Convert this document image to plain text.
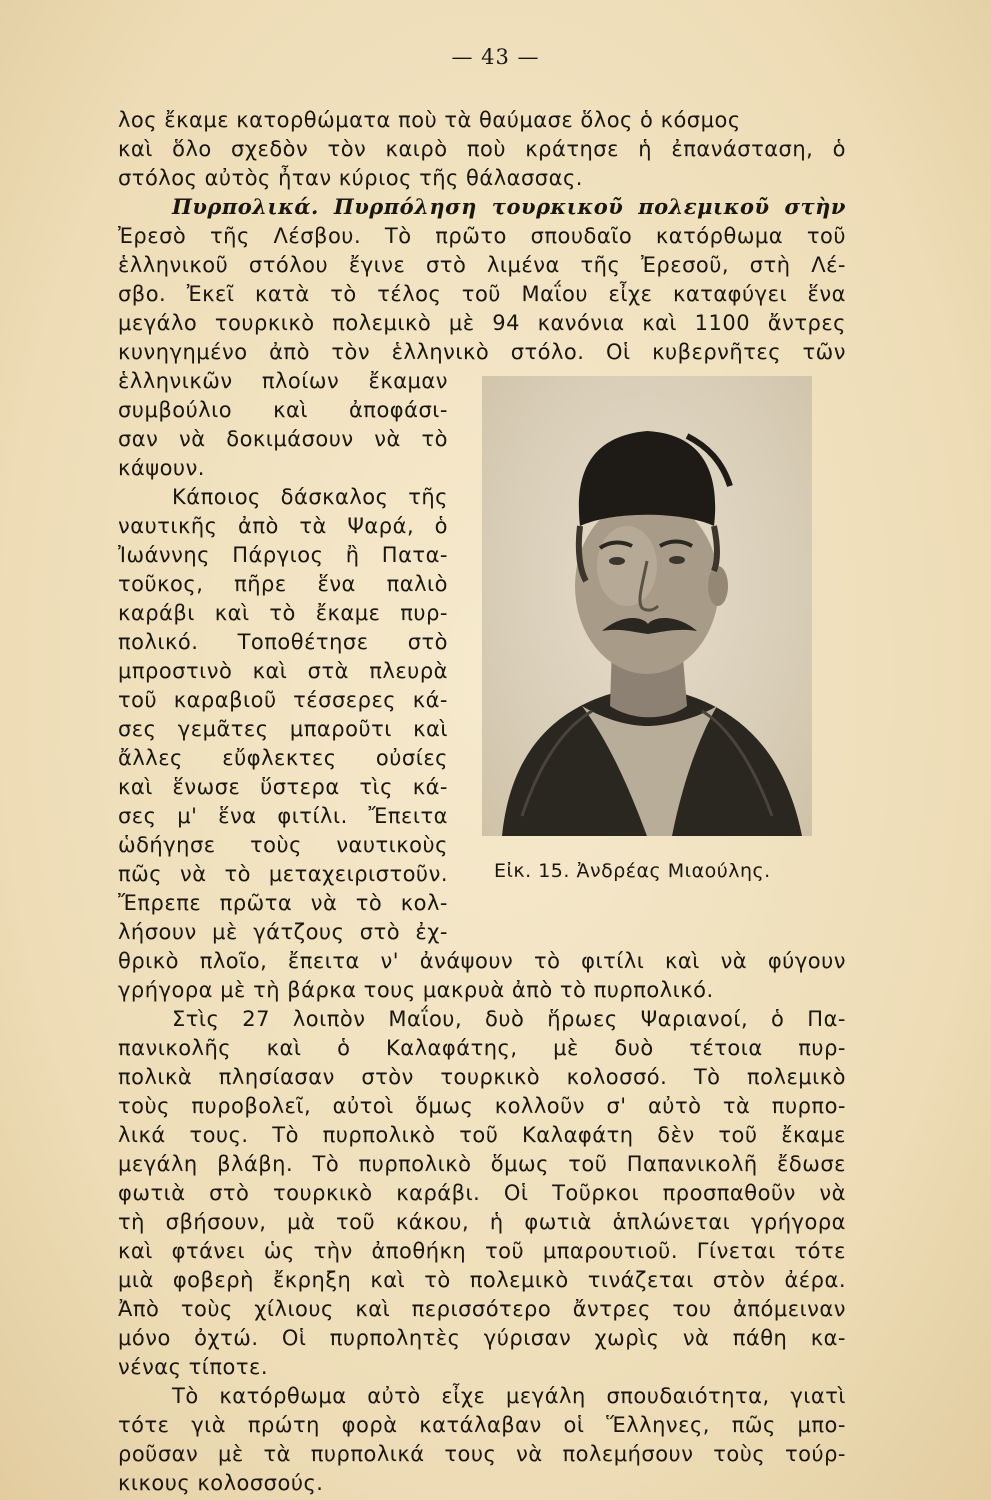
— 43 —
λος ἔκαμε κατορθώματα ποὺ τὰ θαύμασε ὅλος ὁ κόσμος
καὶ ὅλο σχεδὸν τὸν καιρὸ ποὺ κράτησε ἡ ἐπανάσταση, ὁ
στόλος αὐτὸς ἦταν κύριος τῆς θάλασσας.
Πυρπολικά. Πυρπόληση τουρκικοῦ πολεμικοῦ στὴν
Ἐρεσὸ τῆς Λέσβου. Τὸ πρῶτο σπουδαῖο κατόρθωμα τοῦ
ἑλληνικοῦ στόλου ἔγινε στὸ λιμένα τῆς Ἐρεσοῦ, στὴ Λέ-
σβο. Ἐκεῖ κατὰ τὸ τέλος τοῦ Μαΐου εἶχε καταφύγει ἕνα
μεγάλο τουρκικὸ πολεμικὸ μὲ 94 κανόνια καὶ 1100 ἄντρες
κυνηγημένο ἀπὸ τὸν ἑλληνικὸ στόλο. Οἱ κυβερνῆτες τῶν
ἑλληνικῶν πλοίων ἔκαμαν
συμβούλιο καὶ ἀποφάσι-
σαν νὰ δοκιμάσουν νὰ τὸ
κάψουν.
Κάποιος δάσκαλος τῆς
ναυτικῆς ἀπὸ τὰ Ψαρά, ὁ
Ἰωάννης Πάργιος ἢ Πατα-
τοῦκος, πῆρε ἕνα παλιὸ
καράβι καὶ τὸ ἔκαμε πυρ-
πολικό. Τοποθέτησε στὸ
μπροστινὸ καὶ στὰ πλευρὰ
τοῦ καραβιοῦ τέσσερες κά-
σες γεμᾶτες μπαροῦτι καὶ
ἄλλες εὔφλεκτες οὐσίες
καὶ ἕνωσε ὕστερα τὶς κά-
σες μ' ἕνα φιτίλι. Ἔπειτα
ὡδήγησε τοὺς ναυτικοὺς
πῶς νὰ τὸ μεταχειριστοῦν.
Ἔπρεπε πρῶτα νὰ τὸ κολ-
λήσουν μὲ γάτζους στὸ ἐχ-
θρικὸ πλοῖο, ἔπειτα ν' ἀνάψουν τὸ φιτίλι καὶ νὰ φύγουν
γρήγορα μὲ τὴ βάρκα τους μακρυὰ ἀπὸ τὸ πυρπολικό.
Στὶς 27 λοιπὸν Μαΐου, δυὸ ἥρωες Ψαριανοί, ὁ Πα-
πανικολῆς καὶ ὁ Καλαφάτης, μὲ δυὸ τέτοια πυρ-
πολικὰ πλησίασαν στὸν τουρκικὸ κολοσσό. Τὸ πολεμικὸ
τοὺς πυροβολεῖ, αὐτοὶ ὅμως κολλοῦν σ' αὐτὸ τὰ πυρπο-
λικά τους. Τὸ πυρπολικὸ τοῦ Καλαφάτη δὲν τοῦ ἔκαμε
μεγάλη βλάβη. Τὸ πυρπολικὸ ὅμως τοῦ Παπανικολῆ ἔδωσε
φωτιὰ στὸ τουρκικὸ καράβι. Οἱ Τοῦρκοι προσπαθοῦν νὰ
τὴ σβήσουν, μὰ τοῦ κάκου, ἡ φωτιὰ ἁπλώνεται γρήγορα
καὶ φτάνει ὡς τὴν ἀποθήκη τοῦ μπαρουτιοῦ. Γίνεται τότε
μιὰ φοβερὴ ἔκρηξη καὶ τὸ πολεμικὸ τινάζεται στὸν ἀέρα.
Ἀπὸ τοὺς χίλιους καὶ περισσότερο ἄντρες του ἀπόμειναν
μόνο ὀχτώ. Οἱ πυρπολητὲς γύρισαν χωρὶς νὰ πάθη κα-
νένας τίποτε.
Τὸ κατόρθωμα αὐτὸ εἶχε μεγάλη σπουδαιότητα, γιατὶ
τότε γιὰ πρώτη φορὰ κατάλαβαν οἱ Ἕλληνες, πῶς μπο-
ροῦσαν μὲ τὰ πυρπολικά τους νὰ πολεμήσουν τοὺς τούρ-
κικους κολοσσούς.
Εἰκ. 15. Ἀνδρέας Μιαούλης.
